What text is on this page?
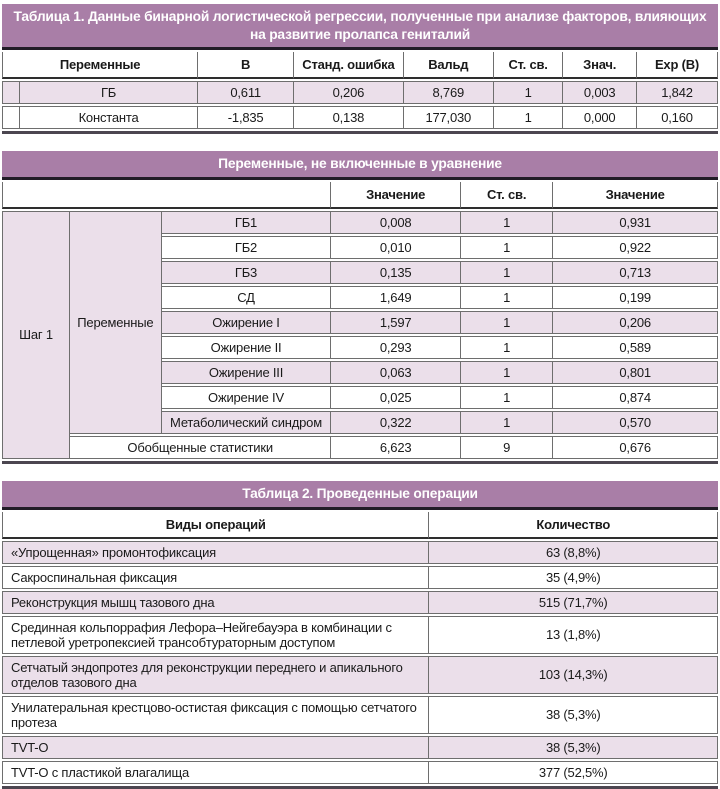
Таблица 1. Данные бинарной логистической регрессии, полученные при анализе факторов, влияющих на развитие пролапса гениталий
Переменные		В	Станд. ошибка	Вальд	Ст. св.	Знач.	Exp (B)
	ГБ	0,611	0,206	8,769	1	0,003	1,842
	Константа	-1,835	0,138	177,030	1	0,000	0,160
Переменные, не включенные в уравнение
			Значение	Ст. св.	Значение
Шаг 1	Переменные	ГБ1	0,008	1	0,931
		ГБ2	0,010	1	0,922
		ГБ3	0,135	1	0,713
		СД	1,649	1	0,199
		Ожирение I	1,597	1	0,206
		Ожирение II	0,293	1	0,589
		Ожирение III	0,063	1	0,801
		Ожирение IV	0,025	1	0,874
		Метаболический синдром	0,322	1	0,570
	Обобщенные статистики		6,623	9	0,676
Таблица 2. Проведенные операции
Виды операций	Количество
«Упрощенная» промонтофиксация	63 (8,8%)
Сакроспинальная фиксация	35 (4,9%)
Реконструкция мышц тазового дна	515 (71,7%)
Срединная кольпоррафия Лефора–Нейгебауэра в комбинации с петлевой уретропексией трансобтураторным доступом	13 (1,8%)
Сетчатый эндопротез для реконструкции переднего и апикального отделов тазового дна	103 (14,3%)
Унилатеральная крестцово-остистая фиксация с помощью сетчатого протеза	38 (5,3%)
TVT-O	38 (5,3%)
TVT-O с пластикой влагалища	377 (52,5%)
